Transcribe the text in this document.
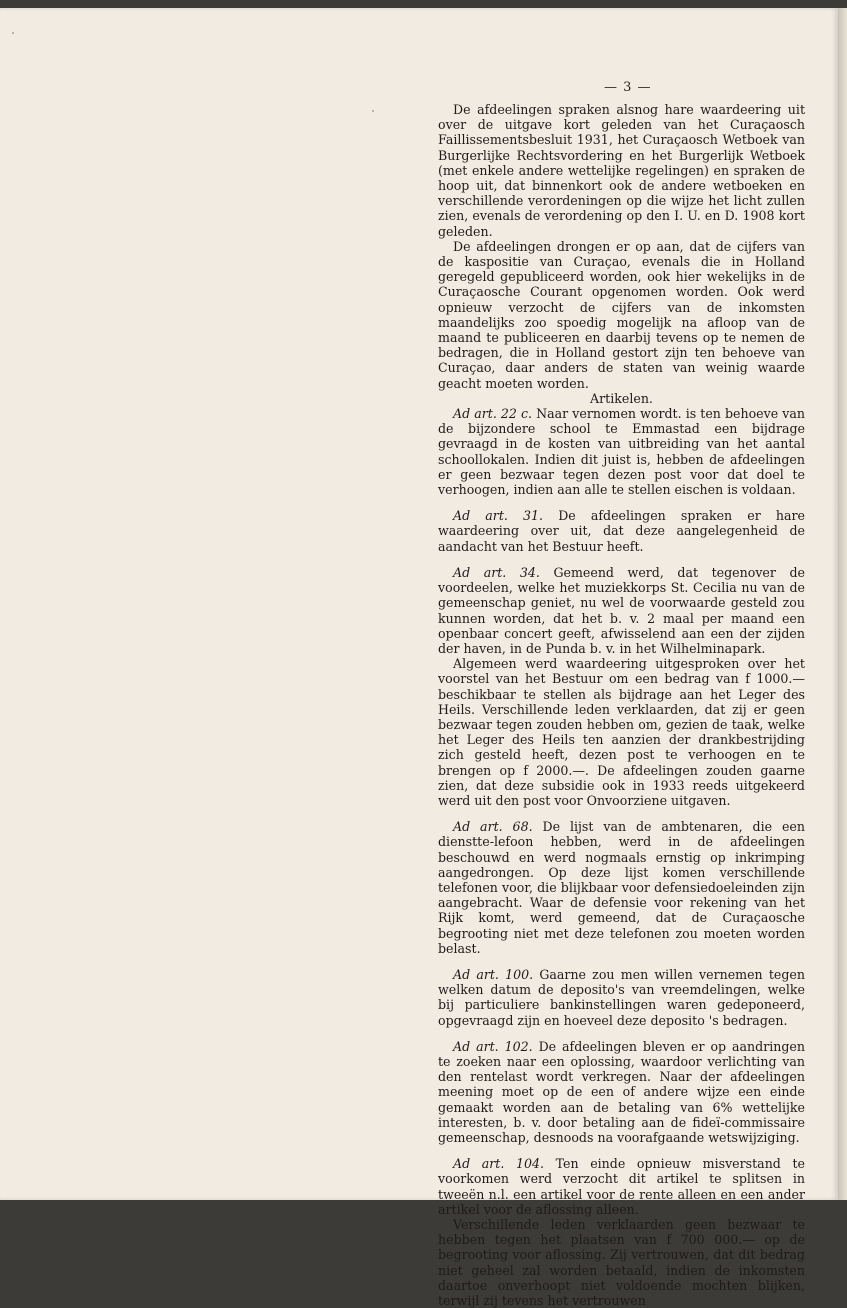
— 3 —

De afdeelingen spraken alsnog hare waardeering uit over de uitgave kort geleden van het Curaçaosch Faillissementsbesluit 1931, het Curaçaosch Wetboek van Burgerlijke Rechtsvordering en het Burgerlijk Wetboek (met enkele andere wettelijke regelingen) en spraken de hoop uit, dat binnenkort ook de andere wetboeken en verschillende verordeningen op die wijze het licht zullen zien, evenals de verordening op den I. U. en D. 1908 kort geleden.

De afdeelingen drongen er op aan, dat de cijfers van de kaspositie van Curaçao, evenals die in Holland geregeld gepubliceerd worden, ook hier wekelijks in de Curaçaosche Courant opgenomen worden. Ook werd opnieuw verzocht de cijfers van de inkomsten maandelijks zoo spoedig mogelijk na afloop van de maand te publiceeren en daarbij tevens op te nemen de bedragen, die in Holland gestort zijn ten behoeve van Curaçao, daar anders de staten van weinig waarde geacht moeten worden.

Artikelen.

Ad art. 22 c. Naar vernomen wordt. is ten behoeve van de bijzondere school te Emmastad een bijdrage gevraagd in de kosten van uitbreiding van het aantal schoollokalen. Indien dit juist is, hebben de afdeelingen er geen bezwaar tegen dezen post voor dat doel te verhoogen, indien aan alle te stellen eischen is voldaan.

Ad art. 31. De afdeelingen spraken er hare waardeering over uit, dat deze aangelegenheid de aandacht van het Bestuur heeft.

Ad art. 34. Gemeend werd, dat tegenover de voordeelen, welke het muziekkorps St. Cecilia nu van de gemeenschap geniet, nu wel de voorwaarde gesteld zou kunnen worden, dat het b. v. 2 maal per maand een openbaar concert geeft, afwisselend aan een der zijden der haven, in de Punda b. v. in het Wilhelminapark.

Algemeen werd waardeering uitgesproken over het voorstel van het Bestuur om een bedrag van f 1000.— beschikbaar te stellen als bijdrage aan het Leger des Heils. Verschillende leden verklaarden, dat zij er geen bezwaar tegen zouden hebben om, gezien de taak, welke het Leger des Heils ten aanzien der drankbestrijding zich gesteld heeft, dezen post te verhoogen en te brengen op f 2000.—. De afdeelingen zouden gaarne zien, dat deze subsidie ook in 1933 reeds uitgekeerd werd uit den post voor Onvoorziene uitgaven.

Ad art. 68. De lijst van de ambtenaren, die een dienstte-lefoon hebben, werd in de afdeelingen beschouwd en werd nogmaals ernstig op inkrimping aangedrongen. Op deze lijst komen verschillende telefonen voor, die blijkbaar voor defensiedoeleinden zijn aangebracht. Waar de defensie voor rekening van het Rijk komt, werd gemeend, dat de Curaçaosche begrooting niet met deze telefonen zou moeten worden belast.

Ad art. 100. Gaarne zou men willen vernemen tegen welken datum de deposito's van vreemdelingen, welke bij particuliere bankinstellingen waren gedeponeerd, opgevraagd zijn en hoeveel deze deposito 's bedragen.

Ad art. 102. De afdeelingen bleven er op aandringen te zoeken naar een oplossing, waardoor verlichting van den rentelast wordt verkregen. Naar der afdeelingen meening moet op de een of andere wijze een einde gemaakt worden aan de betaling van 6% wettelijke interesten, b. v. door betaling aan de fideï-commissaire gemeenschap, desnoods na voorafgaande wetswijziging.

Ad art. 104. Ten einde opnieuw misverstand te voorkomen werd verzocht dit artikel te splitsen in tweeën n.l. een artikel voor de rente alleen en een ander artikel voor de aflossing alleen.

Verschillende leden verklaarden geen bezwaar te hebben tegen het plaatsen van f 700 000.— op de begrooting voor aflossing. Zij vertrouwen, dat dit bedrag niet geheel zal worden betaald, indien de inkomsten daartoe onverhoopt niet voldoende mochten blijken, terwijl zij tevens het vertrouwen
